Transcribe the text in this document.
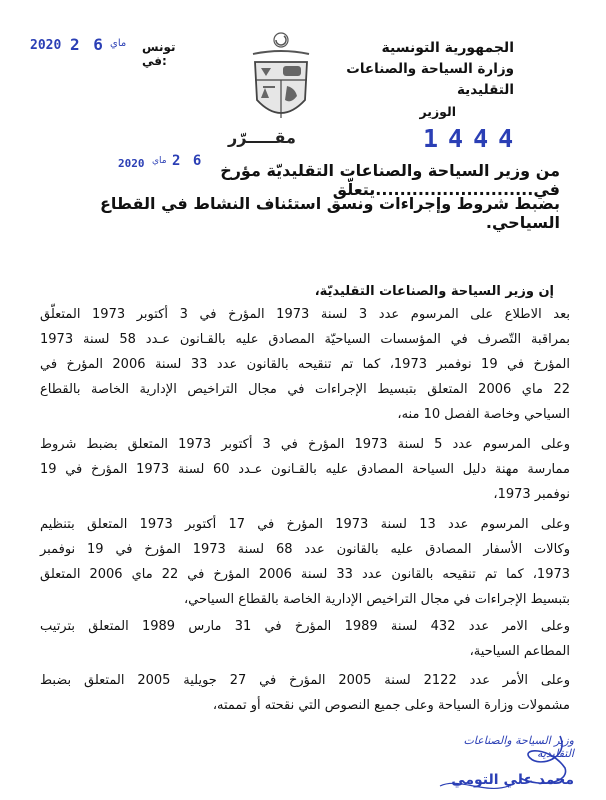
الجمهورية التونسية
وزارة السياحة والصناعات التقليدية
الوزير
تونس في:
2020 2 6 ماي
1444
مقـــــرّر
من وزير السياحة والصناعات التقليديّة مؤرخ في..........................يتعلّق
2020 ماي 2 6
بضبط شروط وإجراءات ونسق استئناف النشاط في القطاع السياحي.
إن وزير السياحة والصناعات التقليديّة،
بعد الاطلاع على المرسوم عدد 3 لسنة 1973 المؤرخ في 3 أكتوبر 1973 المتعلّق
بمراقبة التّصرف في المؤسسات السياحيّة المصادق عليه بالقـانون عـدد 58 لسنة 1973
المؤرخ في 19 نوفمبر 1973، كما تم تنقيحه بالقانون عدد 33 لسنة 2006 المؤرخ في
22 ماي 2006 المتعلق بتبسيط الإجراءات في مجال التراخيص الإدارية الخاصة بالقطاع
السياحي وخاصة الفصل 10 منه،
وعلى المرسوم عدد 5 لسنة 1973 المؤرخ في 3 أكتوبر 1973 المتعلق بضبط شروط
ممارسة مهنة دليل السياحة المصادق عليه بالقـانون عـدد 60 لسنة 1973 المؤرخ في 19
نوفمبر 1973،
وعلى المرسوم عدد 13 لسنة 1973 المؤرخ في 17 أكتوبر 1973 المتعلق بتنظيم
وكالات الأسفار المصادق عليه بالقانون عدد 68 لسنة 1973 المؤرخ في 19 نوفمبر
1973، كما تم تنقيحه بالقانون عدد 33 لسنة 2006 المؤرخ في 22 ماي 2006 المتعلق
بتبسيط الإجراءات في مجال التراخيص الإدارية الخاصة بالقطاع السياحي،
وعلى الامر عدد 432 لسنة 1989 المؤرخ في 31 مارس 1989 المتعلق بترتيب
المطاعم السياحية،
وعلى الأمر عدد 2122 لسنة 2005 المؤرخ في 27 جويلية 2005 المتعلق بضبط
مشمولات وزارة السياحة وعلى جميع النصوص التي نقحته أو تممته،
وزير السياحة والصناعات التقليدية
محمد علي التومي
